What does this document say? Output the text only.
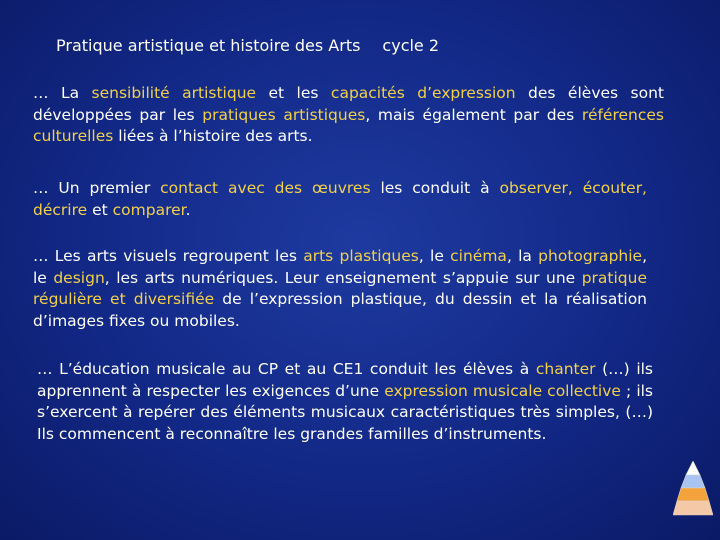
Pratique artistique et histoire des Arts cycle 2
… La sensibilité artistique et les capacités d’expression des élèves sont développées par les pratiques artistiques, mais également par des références culturelles liées à l’histoire des arts.
… Un premier contact avec des œuvres les conduit à observer, écouter, décrire et comparer.
… Les arts visuels regroupent les arts plastiques, le cinéma, la photographie, le design, les arts numériques. Leur enseignement s’appuie sur une pratique régulière et diversifiée de l’expression plastique, du dessin et la réalisation d’images fixes ou mobiles.
… L’éducation musicale au CP et au CE1 conduit les élèves à chanter (…) ils apprennent à respecter les exigences d’une expression musicale collective ; ils s’exercent à repérer des éléments musicaux caractéristiques très simples, (…) Ils commencent à reconnaître les grandes familles d’instruments.
